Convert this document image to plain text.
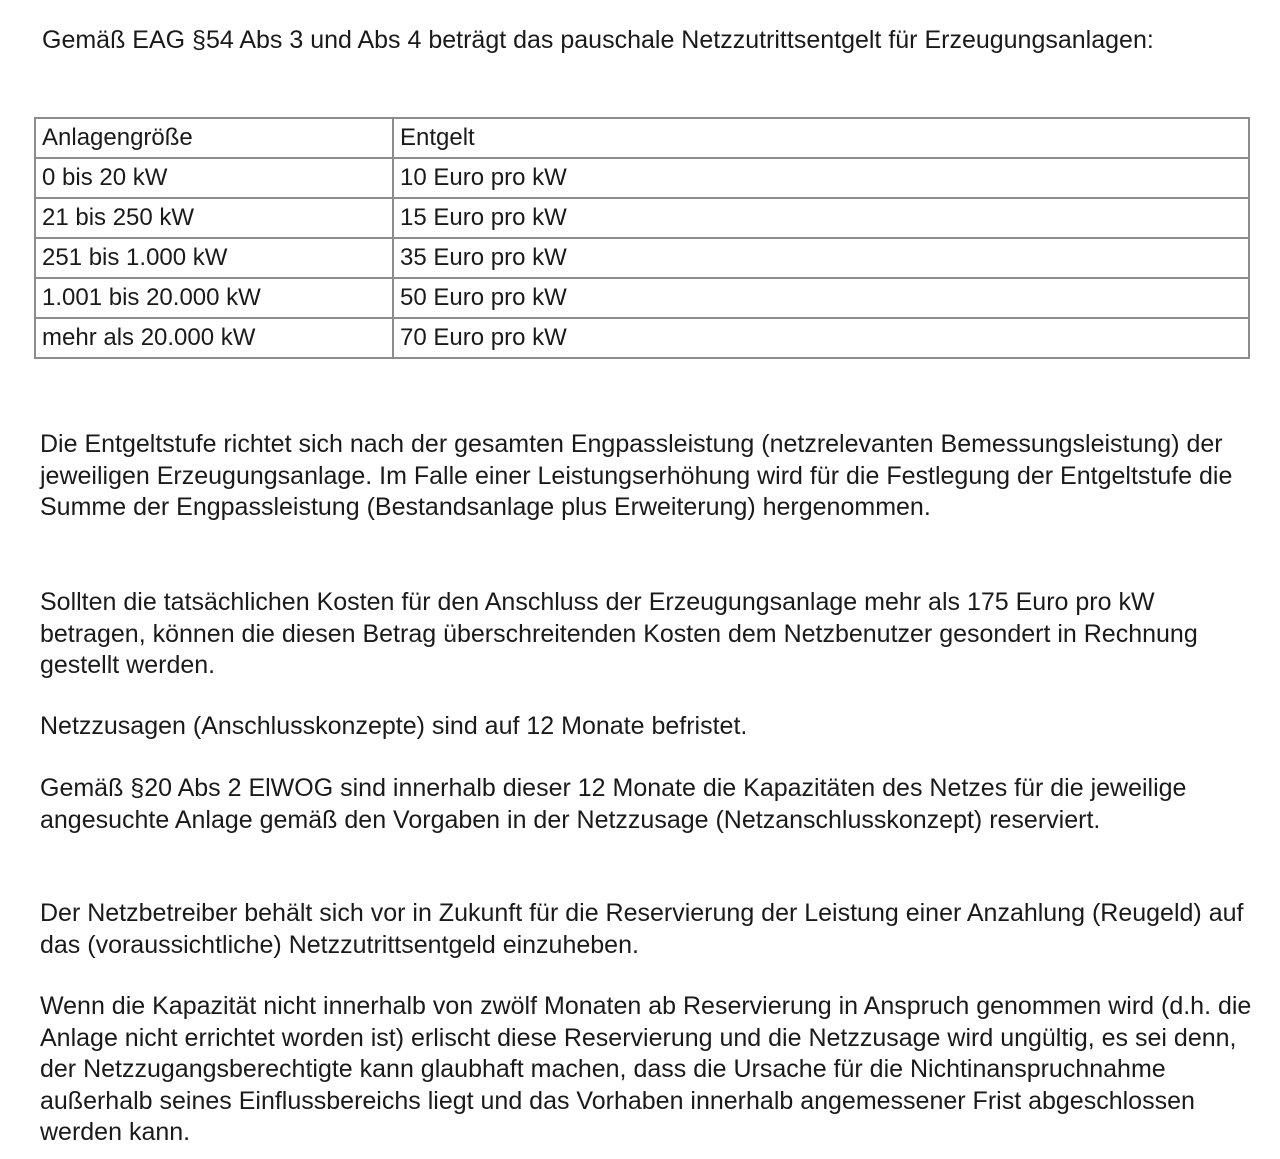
Gemäß EAG §54 Abs 3 und Abs 4 beträgt das pauschale Netzzutrittsentgelt für Erzeugungsanlagen:

Anlagengröße	Entgelt
0 bis 20 kW	10 Euro pro kW
21 bis 250 kW	15 Euro pro kW
251 bis 1.000 kW	35 Euro pro kW
1.001 bis 20.000 kW	50 Euro pro kW
mehr als 20.000 kW	70 Euro pro kW

Die Entgeltstufe richtet sich nach der gesamten Engpassleistung (netzrelevanten Bemessungsleistung) der jeweiligen Erzeugungsanlage. Im Falle einer Leistungserhöhung wird für die Festlegung der Entgeltstufe die Summe der Engpassleistung (Bestandsanlage plus Erweiterung) hergenommen.

Sollten die tatsächlichen Kosten für den Anschluss der Erzeugungsanlage mehr als 175 Euro pro kW betragen, können die diesen Betrag überschreitenden Kosten dem Netzbenutzer gesondert in Rechnung gestellt werden.

Netzzusagen (Anschlusskonzepte) sind auf 12 Monate befristet.

Gemäß §20 Abs 2 ElWOG sind innerhalb dieser 12 Monate die Kapazitäten des Netzes für die jeweilige angesuchte Anlage gemäß den Vorgaben in der Netzzusage (Netzanschlusskonzept) reserviert.

Der Netzbetreiber behält sich vor in Zukunft für die Reservierung der Leistung einer Anzahlung (Reugeld) auf das (voraussichtliche) Netzzutrittsentgeld einzuheben.

Wenn die Kapazität nicht innerhalb von zwölf Monaten ab Reservierung in Anspruch genommen wird (d.h. die Anlage nicht errichtet worden ist) erlischt diese Reservierung und die Netzzusage wird ungültig, es sei denn, der Netzzugangsberechtigte kann glaubhaft machen, dass die Ursache für die Nichtinanspruchnahme außerhalb seines Einflussbereichs liegt und das Vorhaben innerhalb angemessener Frist abgeschlossen werden kann.
